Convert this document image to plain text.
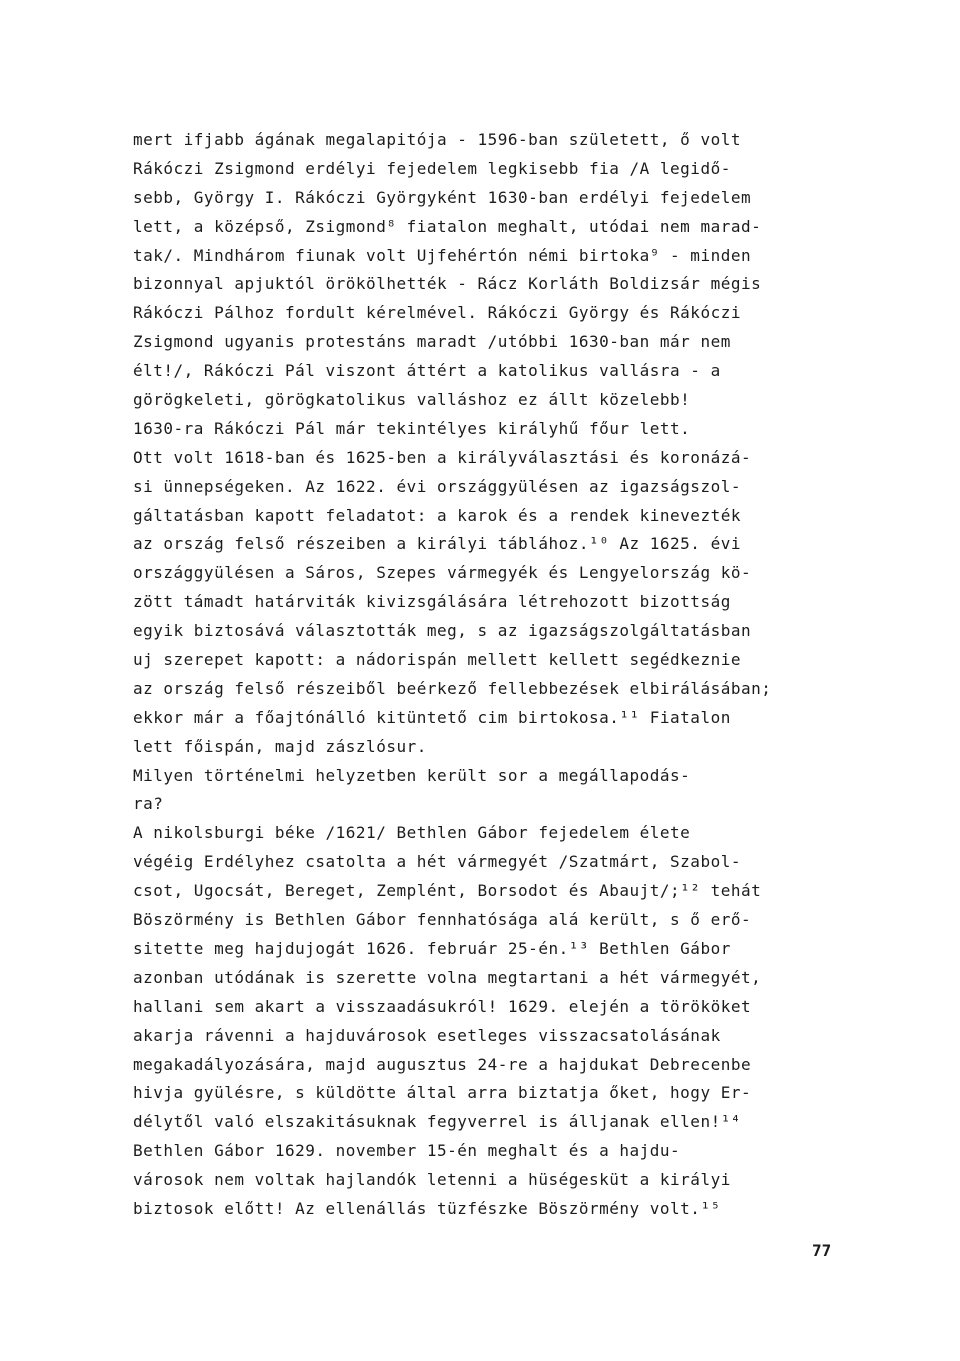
mert ifjabb ágának megalapitója - 1596-ban született, ő volt
Rákóczi Zsigmond erdélyi fejedelem legkisebb fia /A legidő-
sebb, György I. Rákóczi Györgyként 1630-ban erdélyi fejedelem
lett, a középső, Zsigmond⁸ fiatalon meghalt, utódai nem marad-
tak/. Mindhárom fiunak volt Ujfehértón némi birtoka⁹ - minden
bizonnyal apjuktól örökölhették - Rácz Korláth Boldizsár mégis
Rákóczi Pálhoz fordult kérelmével. Rákóczi György és Rákóczi
Zsigmond ugyanis protestáns maradt /utóbbi 1630-ban már nem
élt!/, Rákóczi Pál viszont áttért a katolikus vallásra - a
görögkeleti, görögkatolikus valláshoz ez állt közelebb!
1630-ra Rákóczi Pál már tekintélyes királyhű főur lett.
Ott volt 1618-ban és 1625-ben a királyválasztási és koronázá-
si ünnepségeken. Az 1622. évi országgyülésen az igazságszol-
gáltatásban kapott feladatot: a karok és a rendek kinevezték
az ország felső részeiben a királyi táblához.¹⁰ Az 1625. évi
országgyülésen a Sáros, Szepes vármegyék és Lengyelország kö-
zött támadt határviták kivizsgálására létrehozott bizottság
egyik biztosává választották meg, s az igazságszolgáltatásban
uj szerepet kapott: a nádorispán mellett kellett segédkeznie
az ország felső részeiből beérkező fellebbezések elbirálásában;
ekkor már a főajtónálló kitüntető cim birtokosa.¹¹ Fiatalon
lett főispán, majd zászlósur.
Milyen történelmi helyzetben került sor a megállapodás-
ra?
A nikolsburgi béke /1621/ Bethlen Gábor fejedelem élete
végéig Erdélyhez csatolta a hét vármegyét /Szatmárt, Szabol-
csot, Ugocsát, Bereget, Zemplént, Borsodot és Abaujt/;¹² tehát
Böszörmény is Bethlen Gábor fennhatósága alá került, s ő erő-
sitette meg hajdujogát 1626. február 25-én.¹³ Bethlen Gábor
azonban utódának is szerette volna megtartani a hét vármegyét,
hallani sem akart a visszaadásukról! 1629. elején a törököket
akarja rávenni a hajduvárosok esetleges visszacsatolásának
megakadályozására, majd augusztus 24-re a hajdukat Debrecenbe
hivja gyülésre, s küldötte által arra biztatja őket, hogy Er-
délytől való elszakitásuknak fegyverrel is álljanak ellen!¹⁴
Bethlen Gábor 1629. november 15-én meghalt és a hajdu-
városok nem voltak hajlandók letenni a hüségesküt a királyi
biztosok előtt! Az ellenállás tüzfészke Böszörmény volt.¹⁵
77
